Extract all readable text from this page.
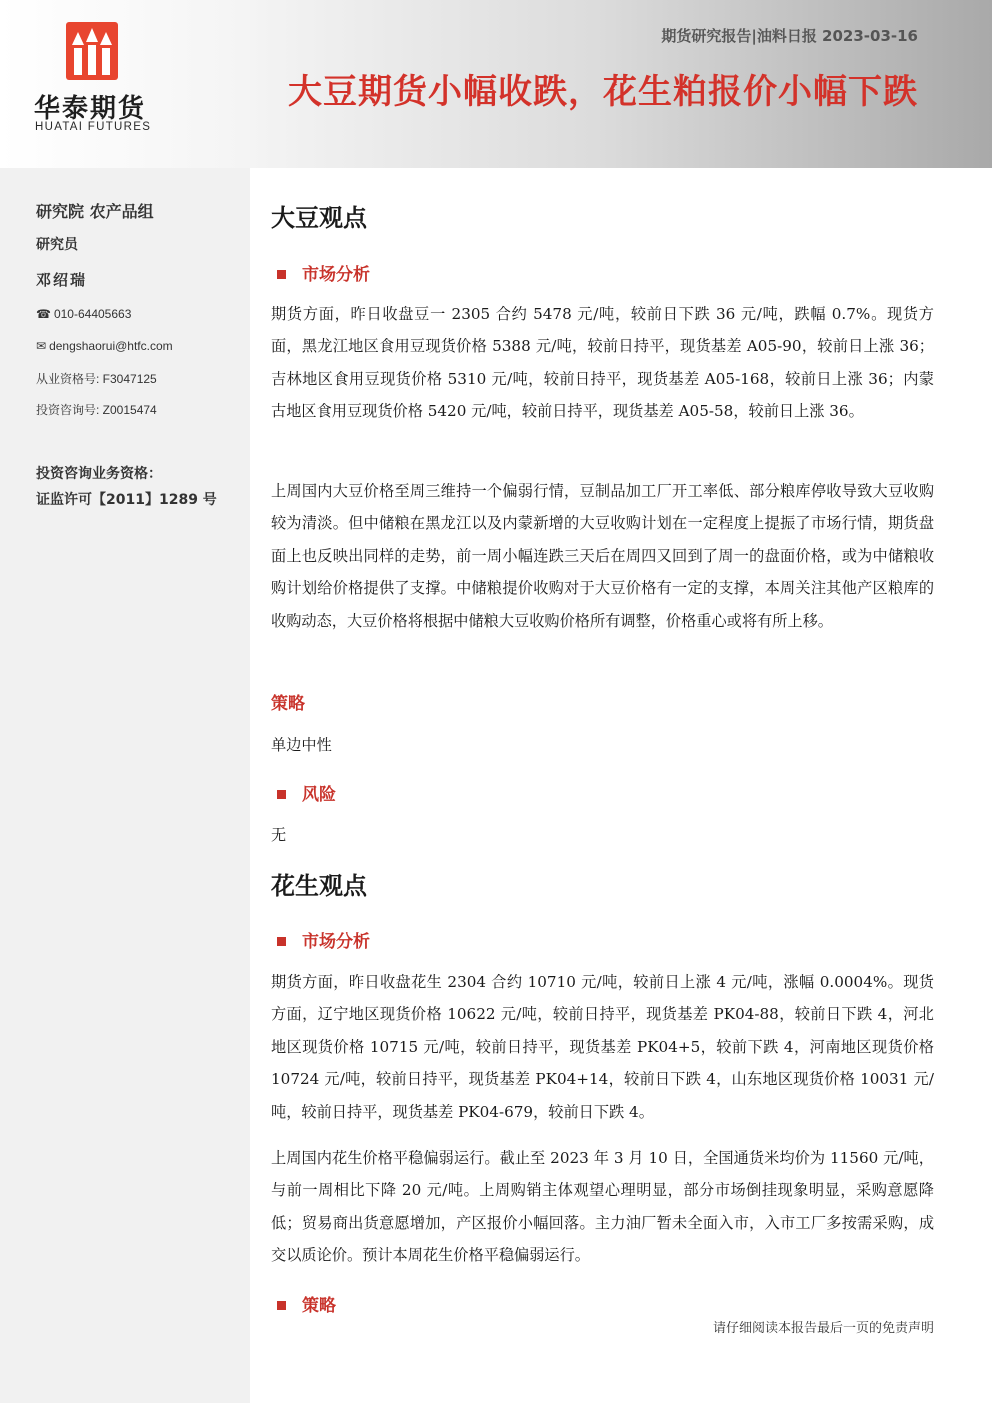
华泰期货
HUATAI FUTURES
期货研究报告|油料日报 2023-03-16
大豆期货小幅收跌，花生粕报价小幅下跌
研究院 农产品组
研究员
邓绍瑞
☎ 010-64405663
✉ dengshaorui@htfc.com
从业资格号: F3047125
投资咨询号: Z0015474
投资咨询业务资格：
证监许可【2011】1289 号
大豆观点
市场分析

期货方面，昨日收盘豆一 2305 合约 5478 元/吨，较前日下跌 36 元/吨，跌幅 0.7%。现货方面，黑龙江地区食用豆现货价格 5388 元/吨，较前日持平，现货基差 A05-90，较前日上涨 36；吉林地区食用豆现货价格 5310 元/吨，较前日持平，现货基差 A05-168，较前日上涨 36；内蒙古地区食用豆现货价格 5420 元/吨，较前日持平，现货基差 A05-58，较前日上涨 36。

上周国内大豆价格至周三维持一个偏弱行情，豆制品加工厂开工率低、部分粮库停收导致大豆收购较为清淡。但中储粮在黑龙江以及内蒙新增的大豆收购计划在一定程度上提振了市场行情，期货盘面上也反映出同样的走势，前一周小幅连跌三天后在周四又回到了周一的盘面价格，或为中储粮收购计划给价格提供了支撑。中储粮提价收购对于大豆价格有一定的支撑，本周关注其他产区粮库的收购动态，大豆价格将根据中储粮大豆收购价格所有调整，价格重心或将有所上移。

策略

单边中性

风险

无

花生观点
市场分析

期货方面，昨日收盘花生 2304 合约 10710 元/吨，较前日上涨 4 元/吨，涨幅 0.0004%。现货方面，辽宁地区现货价格 10622 元/吨，较前日持平，现货基差 PK04-88，较前日下跌 4，河北地区现货价格 10715 元/吨，较前日持平，现货基差 PK04+5，较前下跌 4，河南地区现货价格 10724 元/吨，较前日持平，现货基差 PK04+14，较前日下跌 4，山东地区现货价格 10031 元/吨，较前日持平，现货基差 PK04-679，较前日下跌 4。

上周国内花生价格平稳偏弱运行。截止至 2023 年 3 月 10 日，全国通货米均价为 11560 元/吨，与前一周相比下降 20 元/吨。上周购销主体观望心理明显，部分市场倒挂现象明显，采购意愿降低；贸易商出货意愿增加，产区报价小幅回落。主力油厂暂未全面入市，入市工厂多按需采购，成交以质论价。预计本周花生价格平稳偏弱运行。

策略
请仔细阅读本报告最后一页的免责声明
